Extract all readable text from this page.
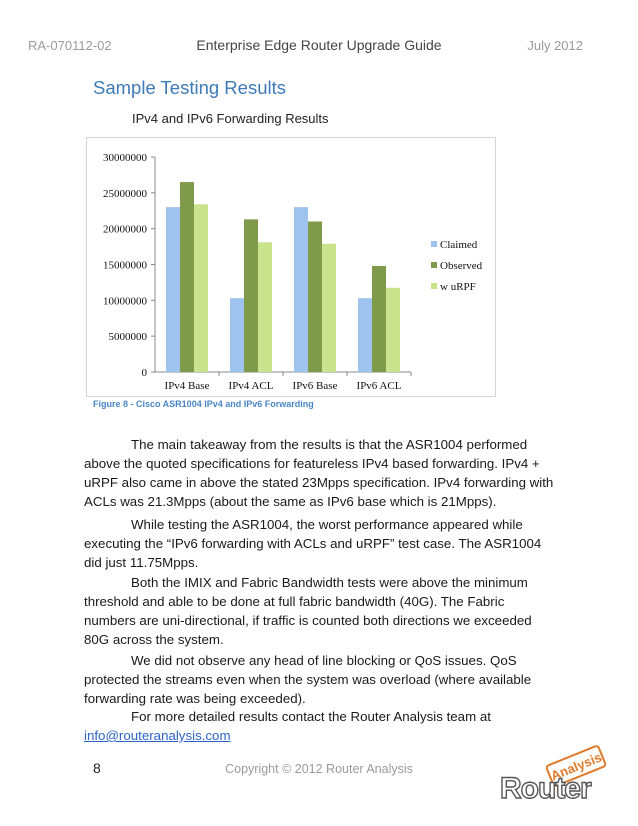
RA-070112-02	Enterprise Edge Router Upgrade Guide	July 2012
Sample Testing Results
IPv4 and IPv6 Forwarding Results
0
5000000
10000000
15000000
20000000
25000000
30000000
IPv4 Base IPv4 ACL IPv6 Base IPv6 ACL
Claimed
Observed
w uRPF
Figure 8 - Cisco ASR1004 IPv4 and IPv6 Forwarding

The main takeaway from the results is that the ASR1004 performed above the quoted specifications for featureless IPv4 based forwarding. IPv4 + uRPF also came in above the stated 23Mpps specification. IPv4 forwarding with ACLs was 21.3Mpps (about the same as IPv6 base which is 21Mpps).

While testing the ASR1004, the worst performance appeared while executing the “IPv6 forwarding with ACLs and uRPF” test case. The ASR1004 did just 11.75Mpps.

Both the IMIX and Fabric Bandwidth tests were above the minimum threshold and able to be done at full fabric bandwidth (40G). The Fabric numbers are uni-directional, if traffic is counted both directions we exceeded 80G across the system.

We did not observe any head of line blocking or QoS issues. QoS protected the streams even when the system was overload (where available forwarding rate was being exceeded).

For more detailed results contact the Router Analysis team at

info@routeranalysis.com
8	Copyright © 2012 Router Analysis	Analysis
Router
